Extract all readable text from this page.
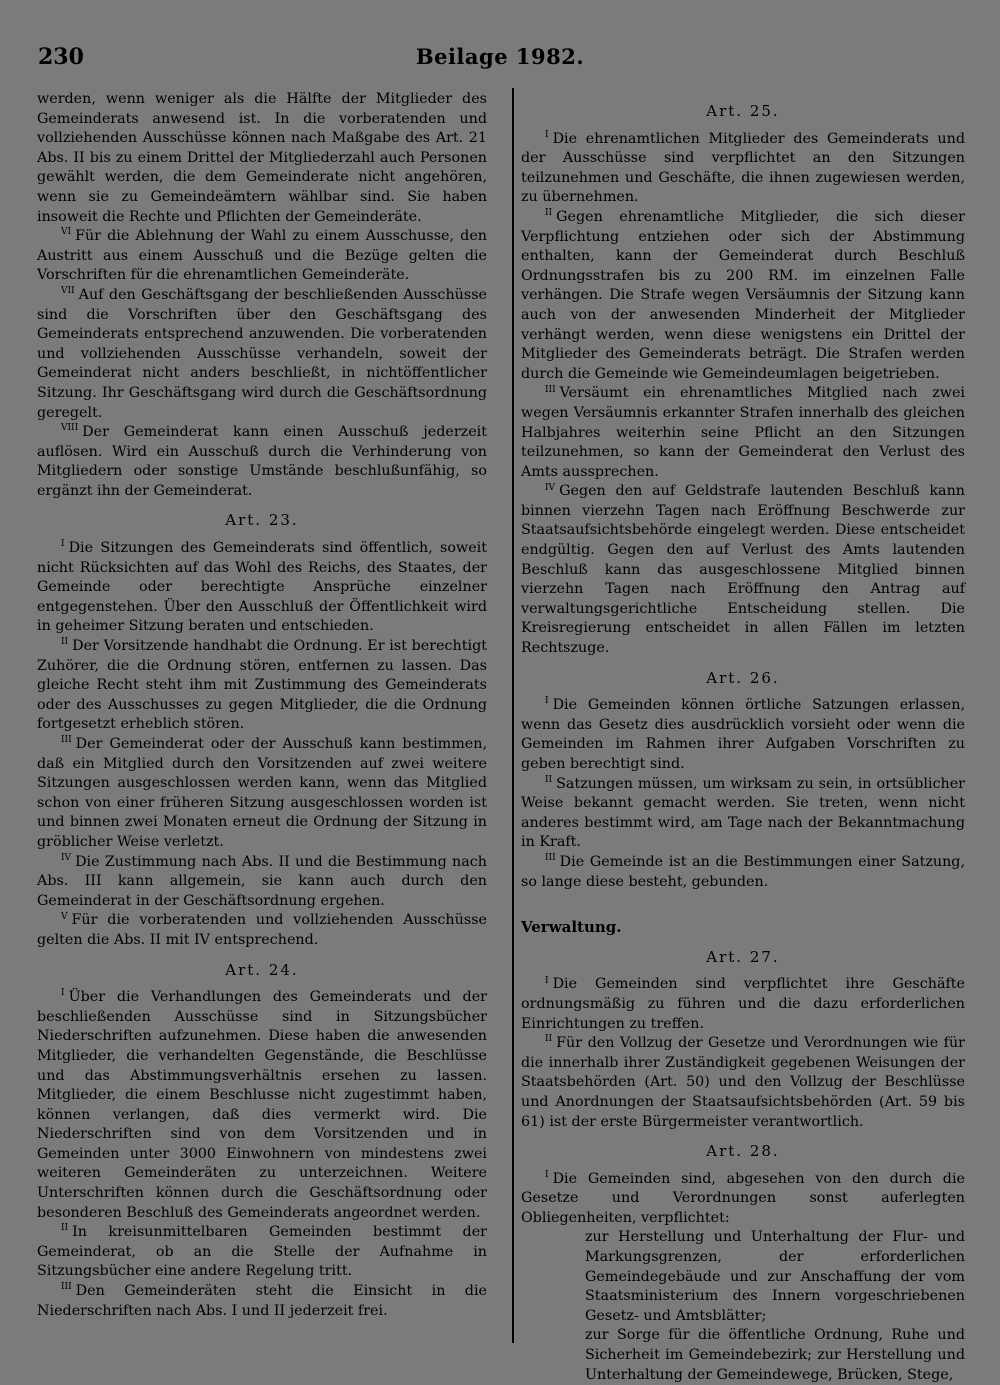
230	Beilage 1982.
werden, wenn weniger als die Hälfte der Mitglieder des Gemeinderats anwesend ist. In die vorberatenden und vollziehenden Ausschüsse können nach Maßgabe des Art. 21 Abs. II bis zu einem Drittel der Mitgliederzahl auch Personen gewählt werden, die dem Gemeinderate nicht angehören, wenn sie zu Gemeindeämtern wählbar sind. Sie haben insoweit die Rechte und Pflichten der Gemeinderäte.
$^{VI}$ Für die Ablehnung der Wahl zu einem Ausschusse, den Austritt aus einem Ausschuß und die Bezüge gelten die Vorschriften für die ehrenamtlichen Gemeinderäte.
$^{VII}$ Auf den Geschäftsgang der beschließenden Ausschüsse sind die Vorschriften über den Geschäftsgang des Gemeinderats entsprechend anzuwenden. Die vorberatenden und vollziehenden Ausschüsse verhandeln, soweit der Gemeinderat nicht anders beschließt, in nichtöffentlicher Sitzung. Ihr Geschäftsgang wird durch die Geschäftsordnung geregelt.
$^{VIII}$ Der Gemeinderat kann einen Ausschuß jederzeit auflösen. Wird ein Ausschuß durch die Verhinderung von Mitgliedern oder sonstige Umstände beschlußunfähig, so ergänzt ihn der Gemeinderat.
Art. 23.
$^I$ Die Sitzungen des Gemeinderats sind öffentlich, soweit nicht Rücksichten auf das Wohl des Reichs, des Staates, der Gemeinde oder berechtigte Ansprüche einzelner entgegenstehen. Über den Ausschluß der Öffentlichkeit wird in geheimer Sitzung beraten und entschieden.
$^{II}$ Der Vorsitzende handhabt die Ordnung. Er ist berechtigt Zuhörer, die die Ordnung stören, entfernen zu lassen. Das gleiche Recht steht ihm mit Zustimmung des Gemeinderats oder des Ausschusses zu gegen Mitglieder, die die Ordnung fortgesetzt erheblich stören.
$^{III}$ Der Gemeinderat oder der Ausschuß kann bestimmen, daß ein Mitglied durch den Vorsitzenden auf zwei weitere Sitzungen ausgeschlossen werden kann, wenn das Mitglied schon von einer früheren Sitzung ausgeschlossen worden ist und binnen zwei Monaten erneut die Ordnung der Sitzung in gröblicher Weise verletzt.
$^{IV}$ Die Zustimmung nach Abs. II und die Bestimmung nach Abs. III kann allgemein, sie kann auch durch den Gemeinderat in der Geschäftsordnung ergehen.
$^V$ Für die vorberatenden und vollziehenden Ausschüsse gelten die Abs. II mit IV entsprechend.
Art. 24.
$^I$ Über die Verhandlungen des Gemeinderats und der beschließenden Ausschüsse sind in Sitzungsbücher Niederschriften aufzunehmen. Diese haben die anwesenden Mitglieder, die verhandelten Gegenstände, die Beschlüsse und das Abstimmungsverhältnis ersehen zu lassen. Mitglieder, die einem Beschlusse nicht zugestimmt haben, können verlangen, daß dies vermerkt wird. Die Niederschriften sind von dem Vorsitzenden und in Gemeinden unter 3000 Einwohnern von mindestens zwei weiteren Gemeinderäten zu unterzeichnen. Weitere Unterschriften können durch die Geschäftsordnung oder besonderen Beschluß des Gemeinderats angeordnet werden.
$^{II}$ In kreisunmittelbaren Gemeinden bestimmt der Gemeinderat, ob an die Stelle der Aufnahme in Sitzungsbücher eine andere Regelung tritt.
$^{III}$ Den Gemeinderäten steht die Einsicht in die Niederschriften nach Abs. I und II jederzeit frei.
Art. 25.
$^I$ Die ehrenamtlichen Mitglieder des Gemeinderats und der Ausschüsse sind verpflichtet an den Sitzungen teilzunehmen und Geschäfte, die ihnen zugewiesen werden, zu übernehmen.
$^{II}$ Gegen ehrenamtliche Mitglieder, die sich dieser Verpflichtung entziehen oder sich der Abstimmung enthalten, kann der Gemeinderat durch Beschluß Ordnungsstrafen bis zu 200 RM. im einzelnen Falle verhängen. Die Strafe wegen Versäumnis der Sitzung kann auch von der anwesenden Minderheit der Mitglieder verhängt werden, wenn diese wenigstens ein Drittel der Mitglieder des Gemeinderats beträgt. Die Strafen werden durch die Gemeinde wie Gemeindeumlagen beigetrieben.
$^{III}$ Versäumt ein ehrenamtliches Mitglied nach zwei wegen Versäumnis erkannter Strafen innerhalb des gleichen Halbjahres weiterhin seine Pflicht an den Sitzungen teilzunehmen, so kann der Gemeinderat den Verlust des Amts aussprechen.
$^{IV}$ Gegen den auf Geldstrafe lautenden Beschluß kann binnen vierzehn Tagen nach Eröffnung Beschwerde zur Staatsaufsichtsbehörde eingelegt werden. Diese entscheidet endgültig. Gegen den auf Verlust des Amts lautenden Beschluß kann das ausgeschlossene Mitglied binnen vierzehn Tagen nach Eröffnung den Antrag auf verwaltungsgerichtliche Entscheidung stellen. Die Kreisregierung entscheidet in allen Fällen im letzten Rechtszuge.
Art. 26.
$^I$ Die Gemeinden können örtliche Satzungen erlassen, wenn das Gesetz dies ausdrücklich vorsieht oder wenn die Gemeinden im Rahmen ihrer Aufgaben Vorschriften zu geben berechtigt sind.
$^{II}$ Satzungen müssen, um wirksam zu sein, in ortsüblicher Weise bekannt gemacht werden. Sie treten, wenn nicht anderes bestimmt wird, am Tage nach der Bekanntmachung in Kraft.
$^{III}$ Die Gemeinde ist an die Bestimmungen einer Satzung, so lange diese besteht, gebunden.
Verwaltung.
Art. 27.
$^I$ Die Gemeinden sind verpflichtet ihre Geschäfte ordnungsmäßig zu führen und die dazu erforderlichen Einrichtungen zu treffen.
$^{II}$ Für den Vollzug der Gesetze und Verordnungen wie für die innerhalb ihrer Zuständigkeit gegebenen Weisungen der Staatsbehörden (Art. 50) und den Vollzug der Beschlüsse und Anordnungen der Staatsaufsichtsbehörden (Art. 59 bis 61) ist der erste Bürgermeister verantwortlich.
Art. 28.
$^I$ Die Gemeinden sind, abgesehen von den durch die Gesetze und Verordnungen sonst auferlegten Obliegenheiten, verpflichtet:
zur Herstellung und Unterhaltung der Flur- und Markungsgrenzen, der erforderlichen Gemeindegebäude und zur Anschaffung der vom Staatsministerium des Innern vorgeschriebenen Gesetz- und Amtsblätter;
zur Sorge für die öffentliche Ordnung, Ruhe und Sicherheit im Gemeindebezirk; zur Herstellung und Unterhaltung der Gemeindewege, Brücken, Stege,
